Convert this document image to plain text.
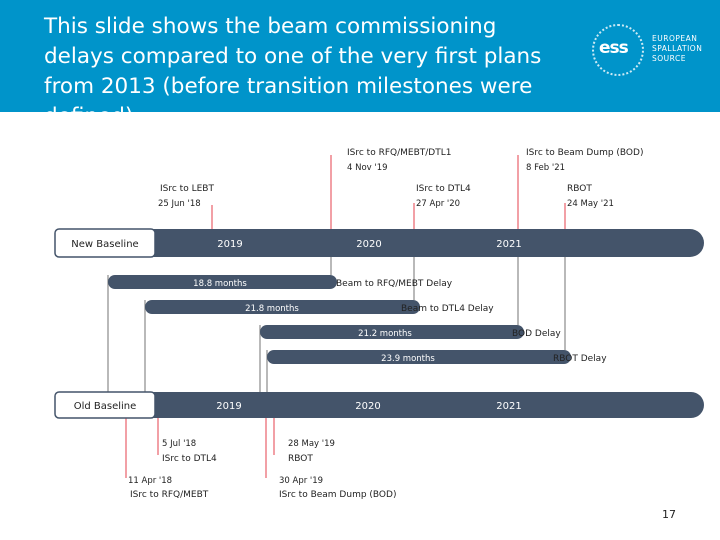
This slide shows the beam commissioning delays compared to one of the very first plans from 2013 (before transition milestones were defined)
ess	EUROPEAN
SPALLATION
SOURCE
New Baseline	2019	2020	2021
18.8 months	Beam to RFQ/MEBT Delay
21.8 months	Beam to DTL4 Delay
21.2 months	BOD Delay
23.9 months	RBOT Delay
Old Baseline	2019	2020	2021
ISrc to LEBT
25 Jun '18
ISrc to RFQ/MEBT/DTL1
4 Nov '19
ISrc to DTL4
27 Apr '20
ISrc to Beam Dump (BOD)
8 Feb '21
RBOT
24 May '21
5 Jul '18
ISrc to DTL4
11 Apr '18
ISrc to RFQ/MEBT
28 May '19
RBOT
30 Apr '19
ISrc to Beam Dump (BOD)
17
